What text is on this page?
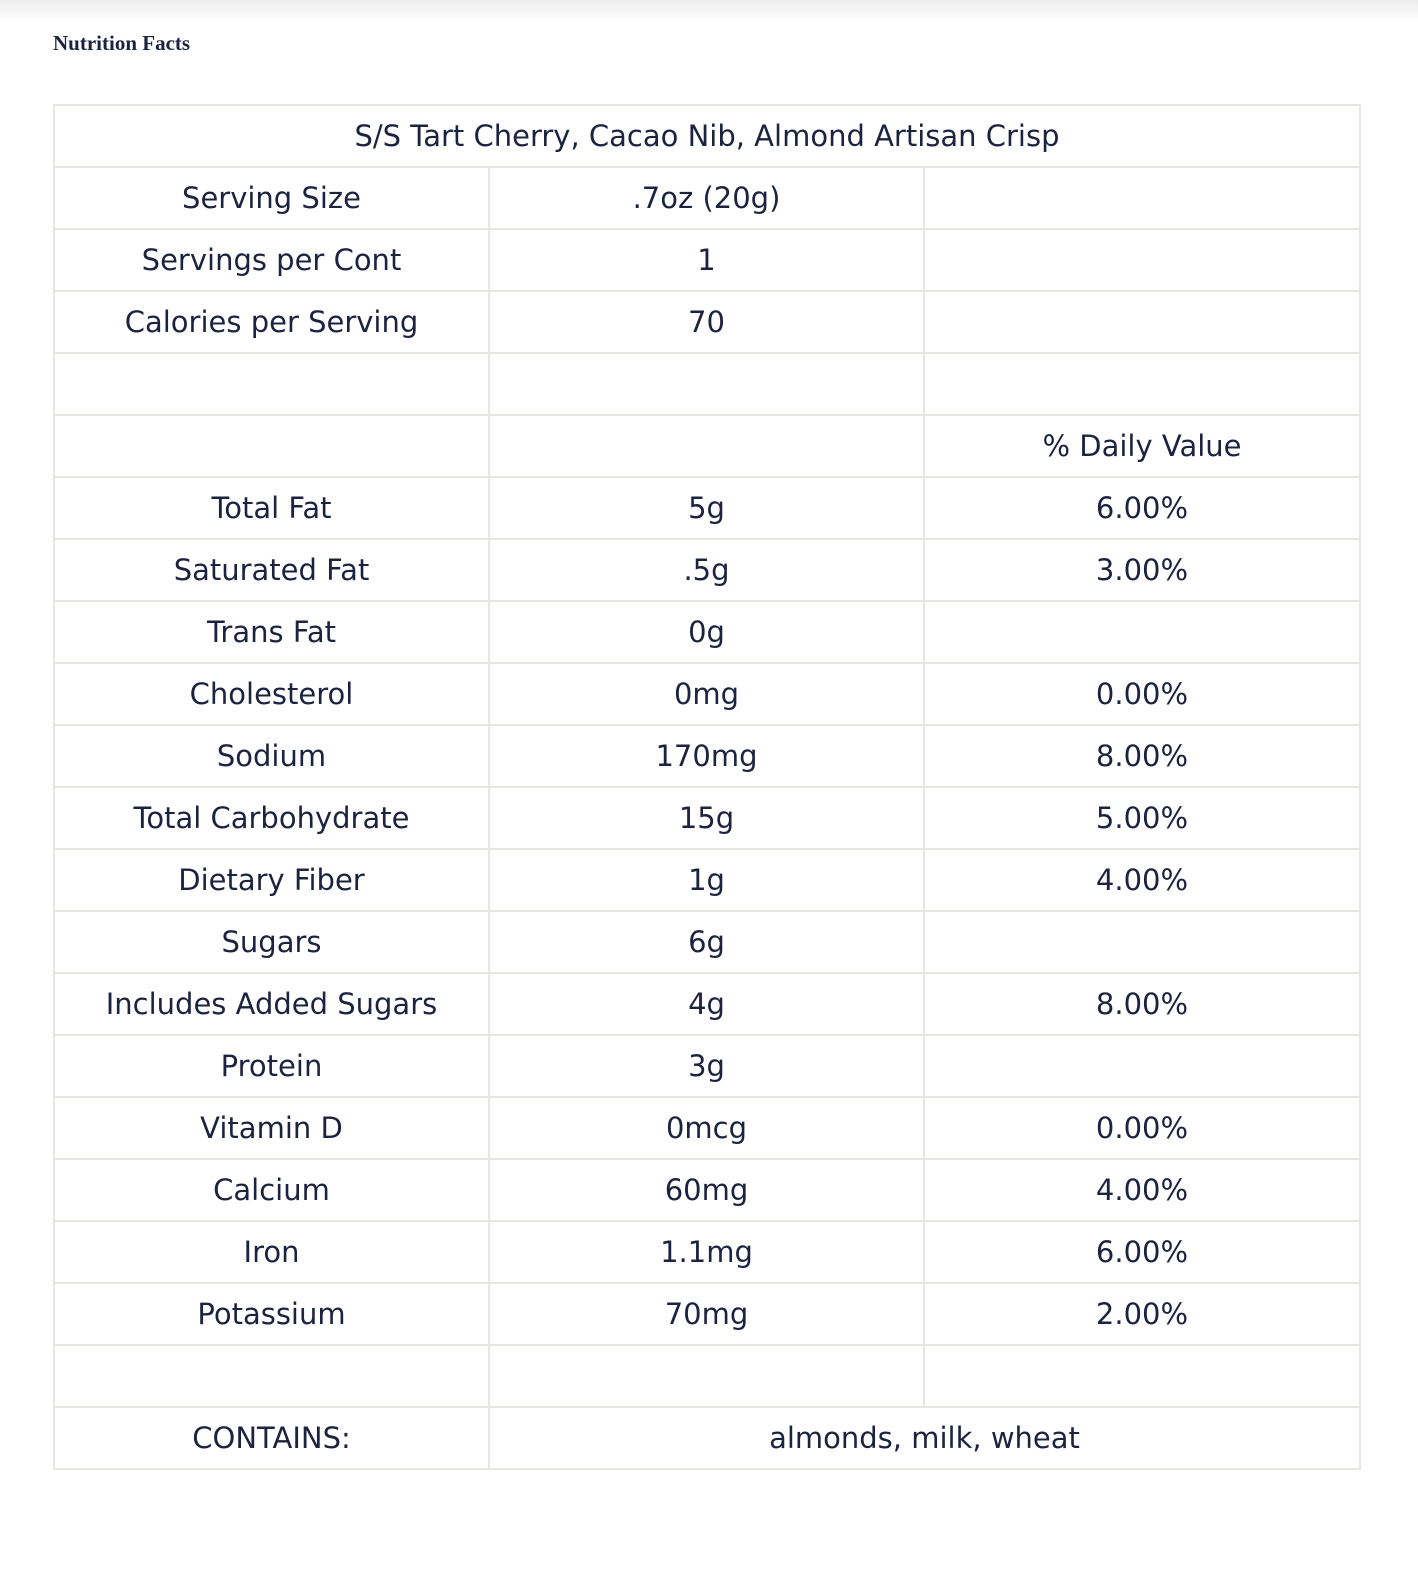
Nutrition Facts
S/S Tart Cherry, Cacao Nib, Almond Artisan Crisp		
Serving Size	.7oz (20g)	
Servings per Cont	1	
Calories per Serving	70	

		% Daily Value
Total Fat	5g	6.00%
Saturated Fat	.5g	3.00%
Trans Fat	0g	
Cholesterol	0mg	0.00%
Sodium	170mg	8.00%
Total Carbohydrate	15g	5.00%
Dietary Fiber	1g	4.00%
Sugars	6g	
Includes Added Sugars	4g	8.00%
Protein	3g	
Vitamin D	0mcg	0.00%
Calcium	60mg	4.00%
Iron	1.1mg	6.00%
Potassium	70mg	2.00%

CONTAINS:	almonds, milk, wheat	
